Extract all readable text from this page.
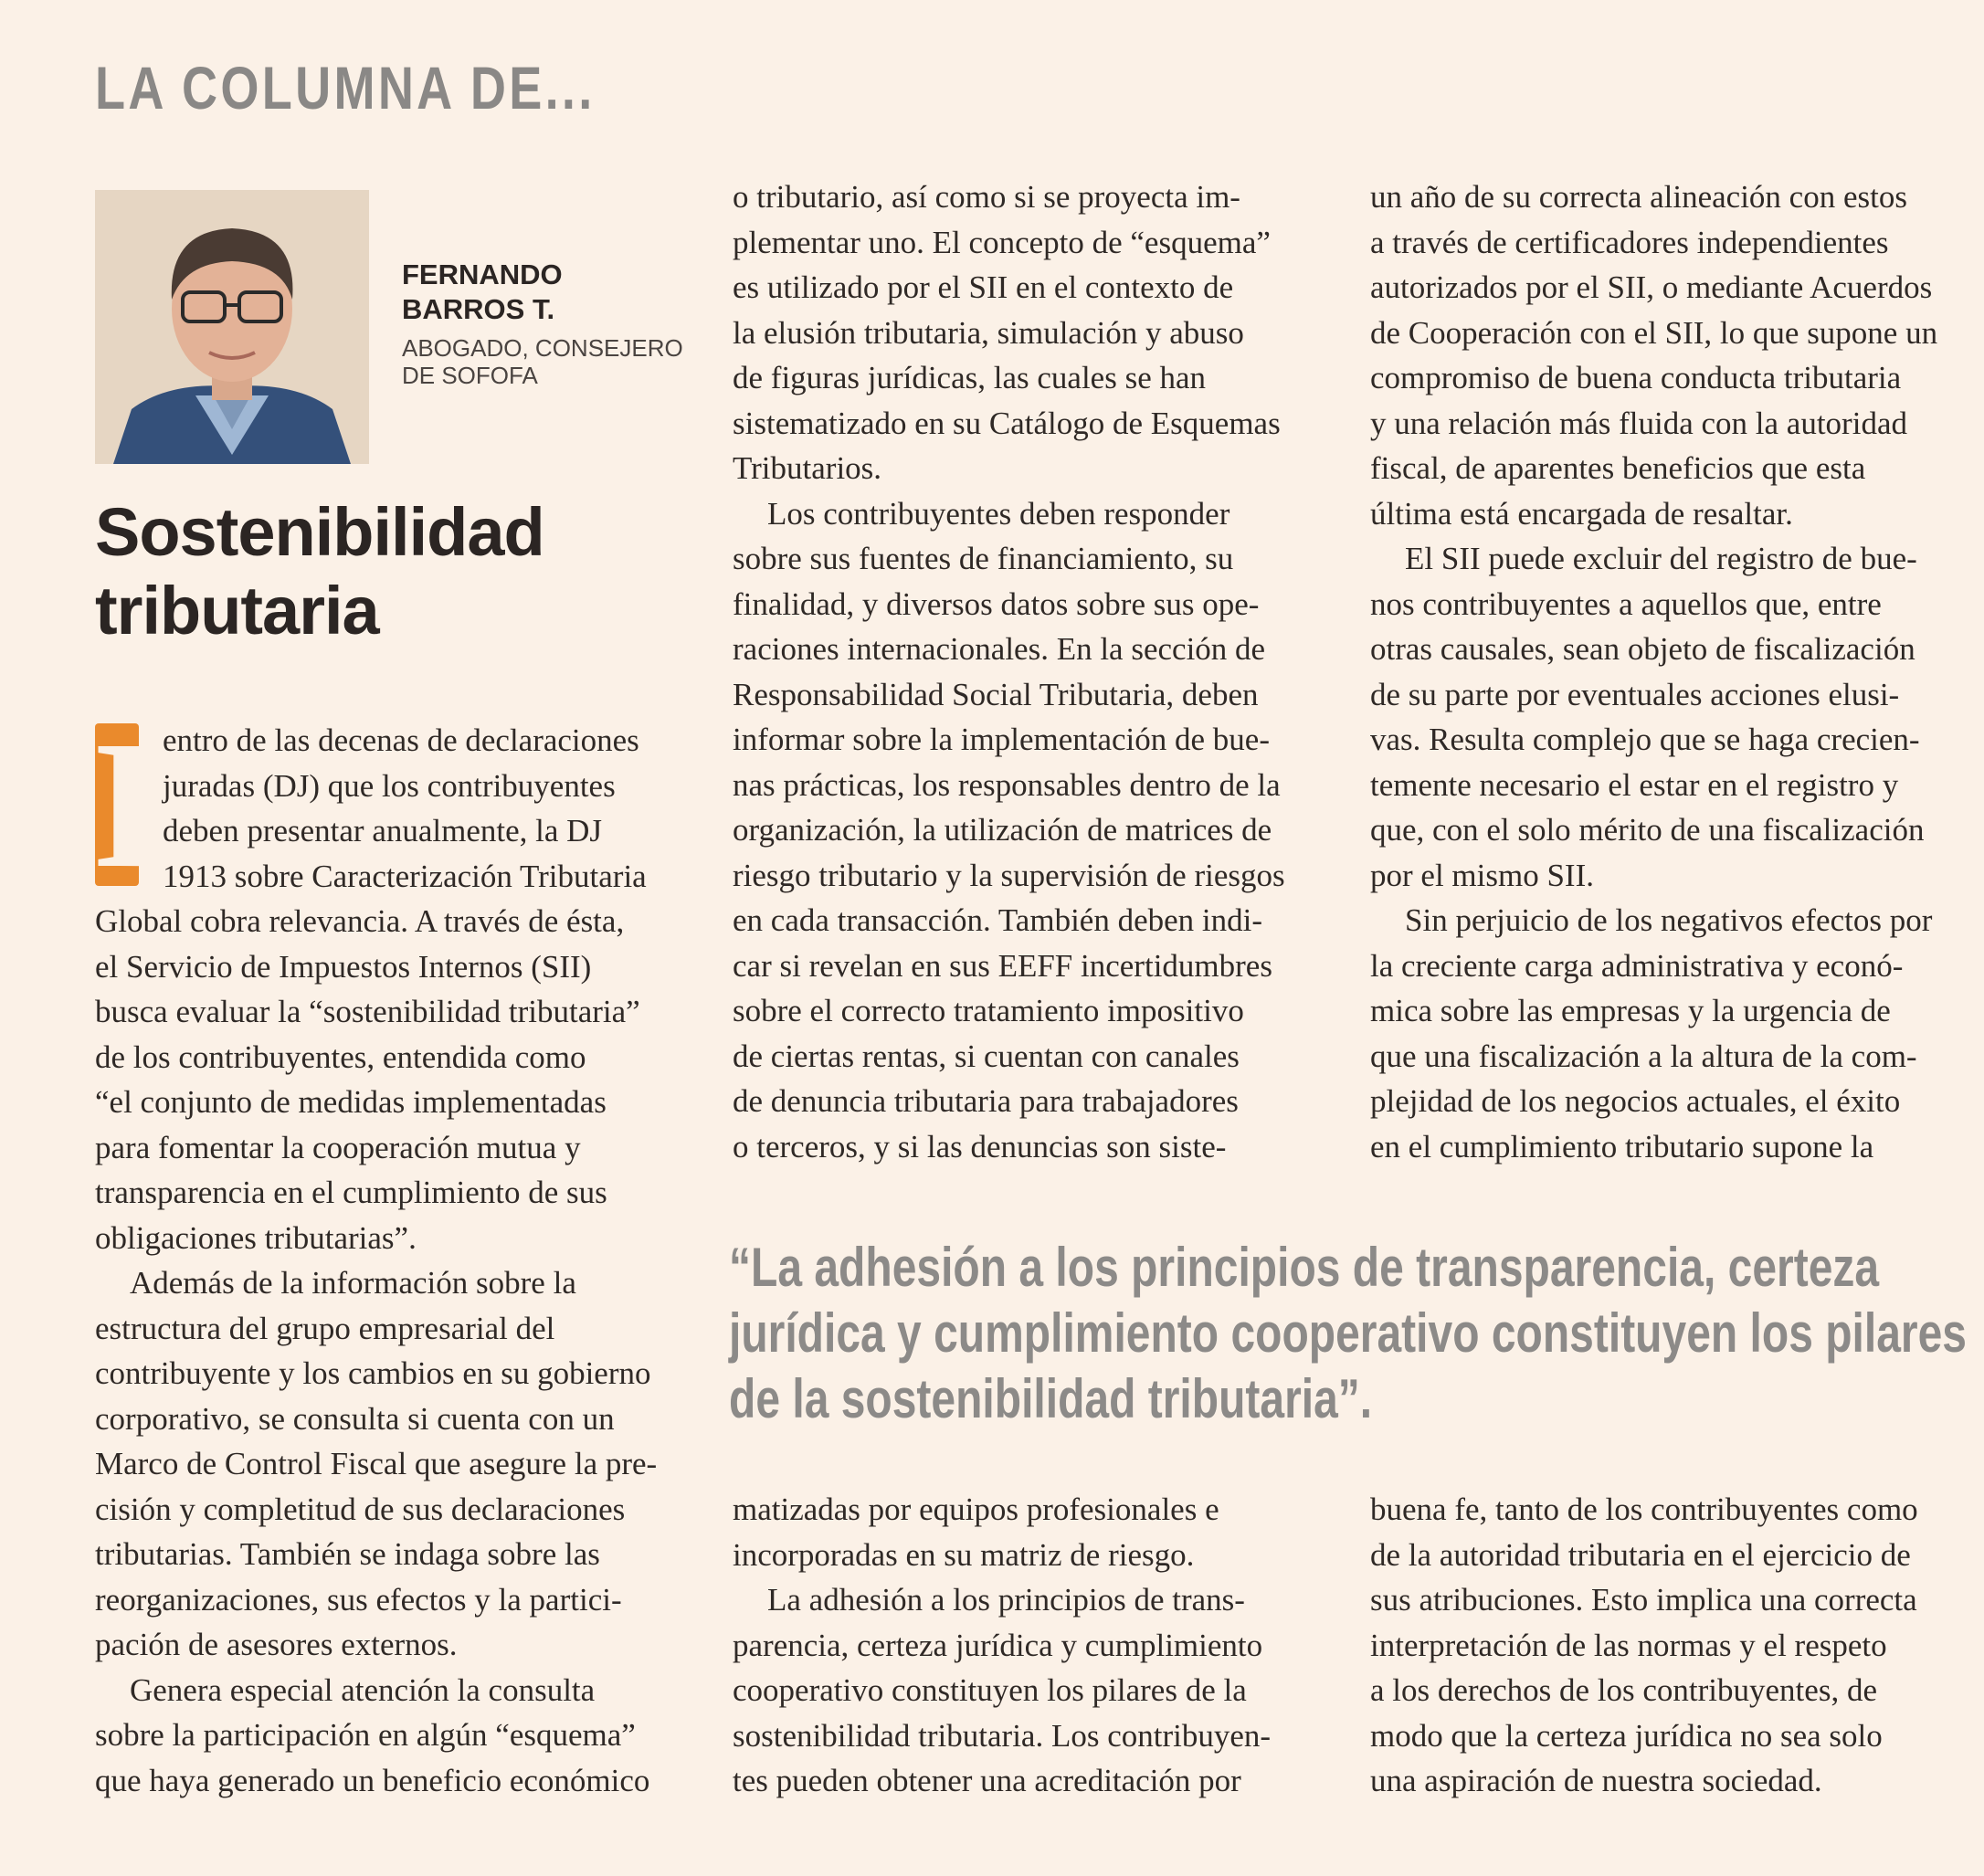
LA COLUMNA DE...
FERNANDO
BARROS T.
ABOGADO, CONSEJERO
DE SOFOFA
Sostenibilidad
tributaria
D
entro de las decenas de declaraciones
juradas (DJ) que los contribuyentes
deben presentar anualmente, la DJ
1913 sobre Caracterización Tributaria
Global cobra relevancia. A través de ésta,
el Servicio de Impuestos Internos (SII)
busca evaluar la “sostenibilidad tributaria”
de los contribuyentes, entendida como
“el conjunto de medidas implementadas
para fomentar la cooperación mutua y
transparencia en el cumplimiento de sus
obligaciones tributarias”.
Además de la información sobre la
estructura del grupo empresarial del
contribuyente y los cambios en su gobierno
corporativo, se consulta si cuenta con un
Marco de Control Fiscal que asegure la pre-
cisión y completitud de sus declaraciones
tributarias. También se indaga sobre las
reorganizaciones, sus efectos y la partici-
pación de asesores externos.
Genera especial atención la consulta
sobre la participación en algún “esquema”
que haya generado un beneficio económico
o tributario, así como si se proyecta im-
plementar uno. El concepto de “esquema”
es utilizado por el SII en el contexto de
la elusión tributaria, simulación y abuso
de figuras jurídicas, las cuales se han
sistematizado en su Catálogo de Esquemas
Tributarios.
Los contribuyentes deben responder
sobre sus fuentes de financiamiento, su
finalidad, y diversos datos sobre sus ope-
raciones internacionales. En la sección de
Responsabilidad Social Tributaria, deben
informar sobre la implementación de bue-
nas prácticas, los responsables dentro de la
organización, la utilización de matrices de
riesgo tributario y la supervisión de riesgos
en cada transacción. También deben indi-
car si revelan en sus EEFF incertidumbres
sobre el correcto tratamiento impositivo
de ciertas rentas, si cuentan con canales
de denuncia tributaria para trabajadores
o terceros, y si las denuncias son siste-
un año de su correcta alineación con estos
a través de certificadores independientes
autorizados por el SII, o mediante Acuerdos
de Cooperación con el SII, lo que supone un
compromiso de buena conducta tributaria
y una relación más fluida con la autoridad
fiscal, de aparentes beneficios que esta
última está encargada de resaltar.
El SII puede excluir del registro de bue-
nos contribuyentes a aquellos que, entre
otras causales, sean objeto de fiscalización
de su parte por eventuales acciones elusi-
vas. Resulta complejo que se haga crecien-
temente necesario el estar en el registro y
que, con el solo mérito de una fiscalización
por el mismo SII.
Sin perjuicio de los negativos efectos por
la creciente carga administrativa y econó-
mica sobre las empresas y la urgencia de
que una fiscalización a la altura de la com-
plejidad de los negocios actuales, el éxito
en el cumplimiento tributario supone la
“La adhesión a los principios de transparencia, certeza
jurídica y cumplimiento cooperativo constituyen los pilares
de la sostenibilidad tributaria”.
matizadas por equipos profesionales e
incorporadas en su matriz de riesgo.
La adhesión a los principios de trans-
parencia, certeza jurídica y cumplimiento
cooperativo constituyen los pilares de la
sostenibilidad tributaria. Los contribuyen-
tes pueden obtener una acreditación por
buena fe, tanto de los contribuyentes como
de la autoridad tributaria en el ejercicio de
sus atribuciones. Esto implica una correcta
interpretación de las normas y el respeto
a los derechos de los contribuyentes, de
modo que la certeza jurídica no sea solo
una aspiración de nuestra sociedad.
